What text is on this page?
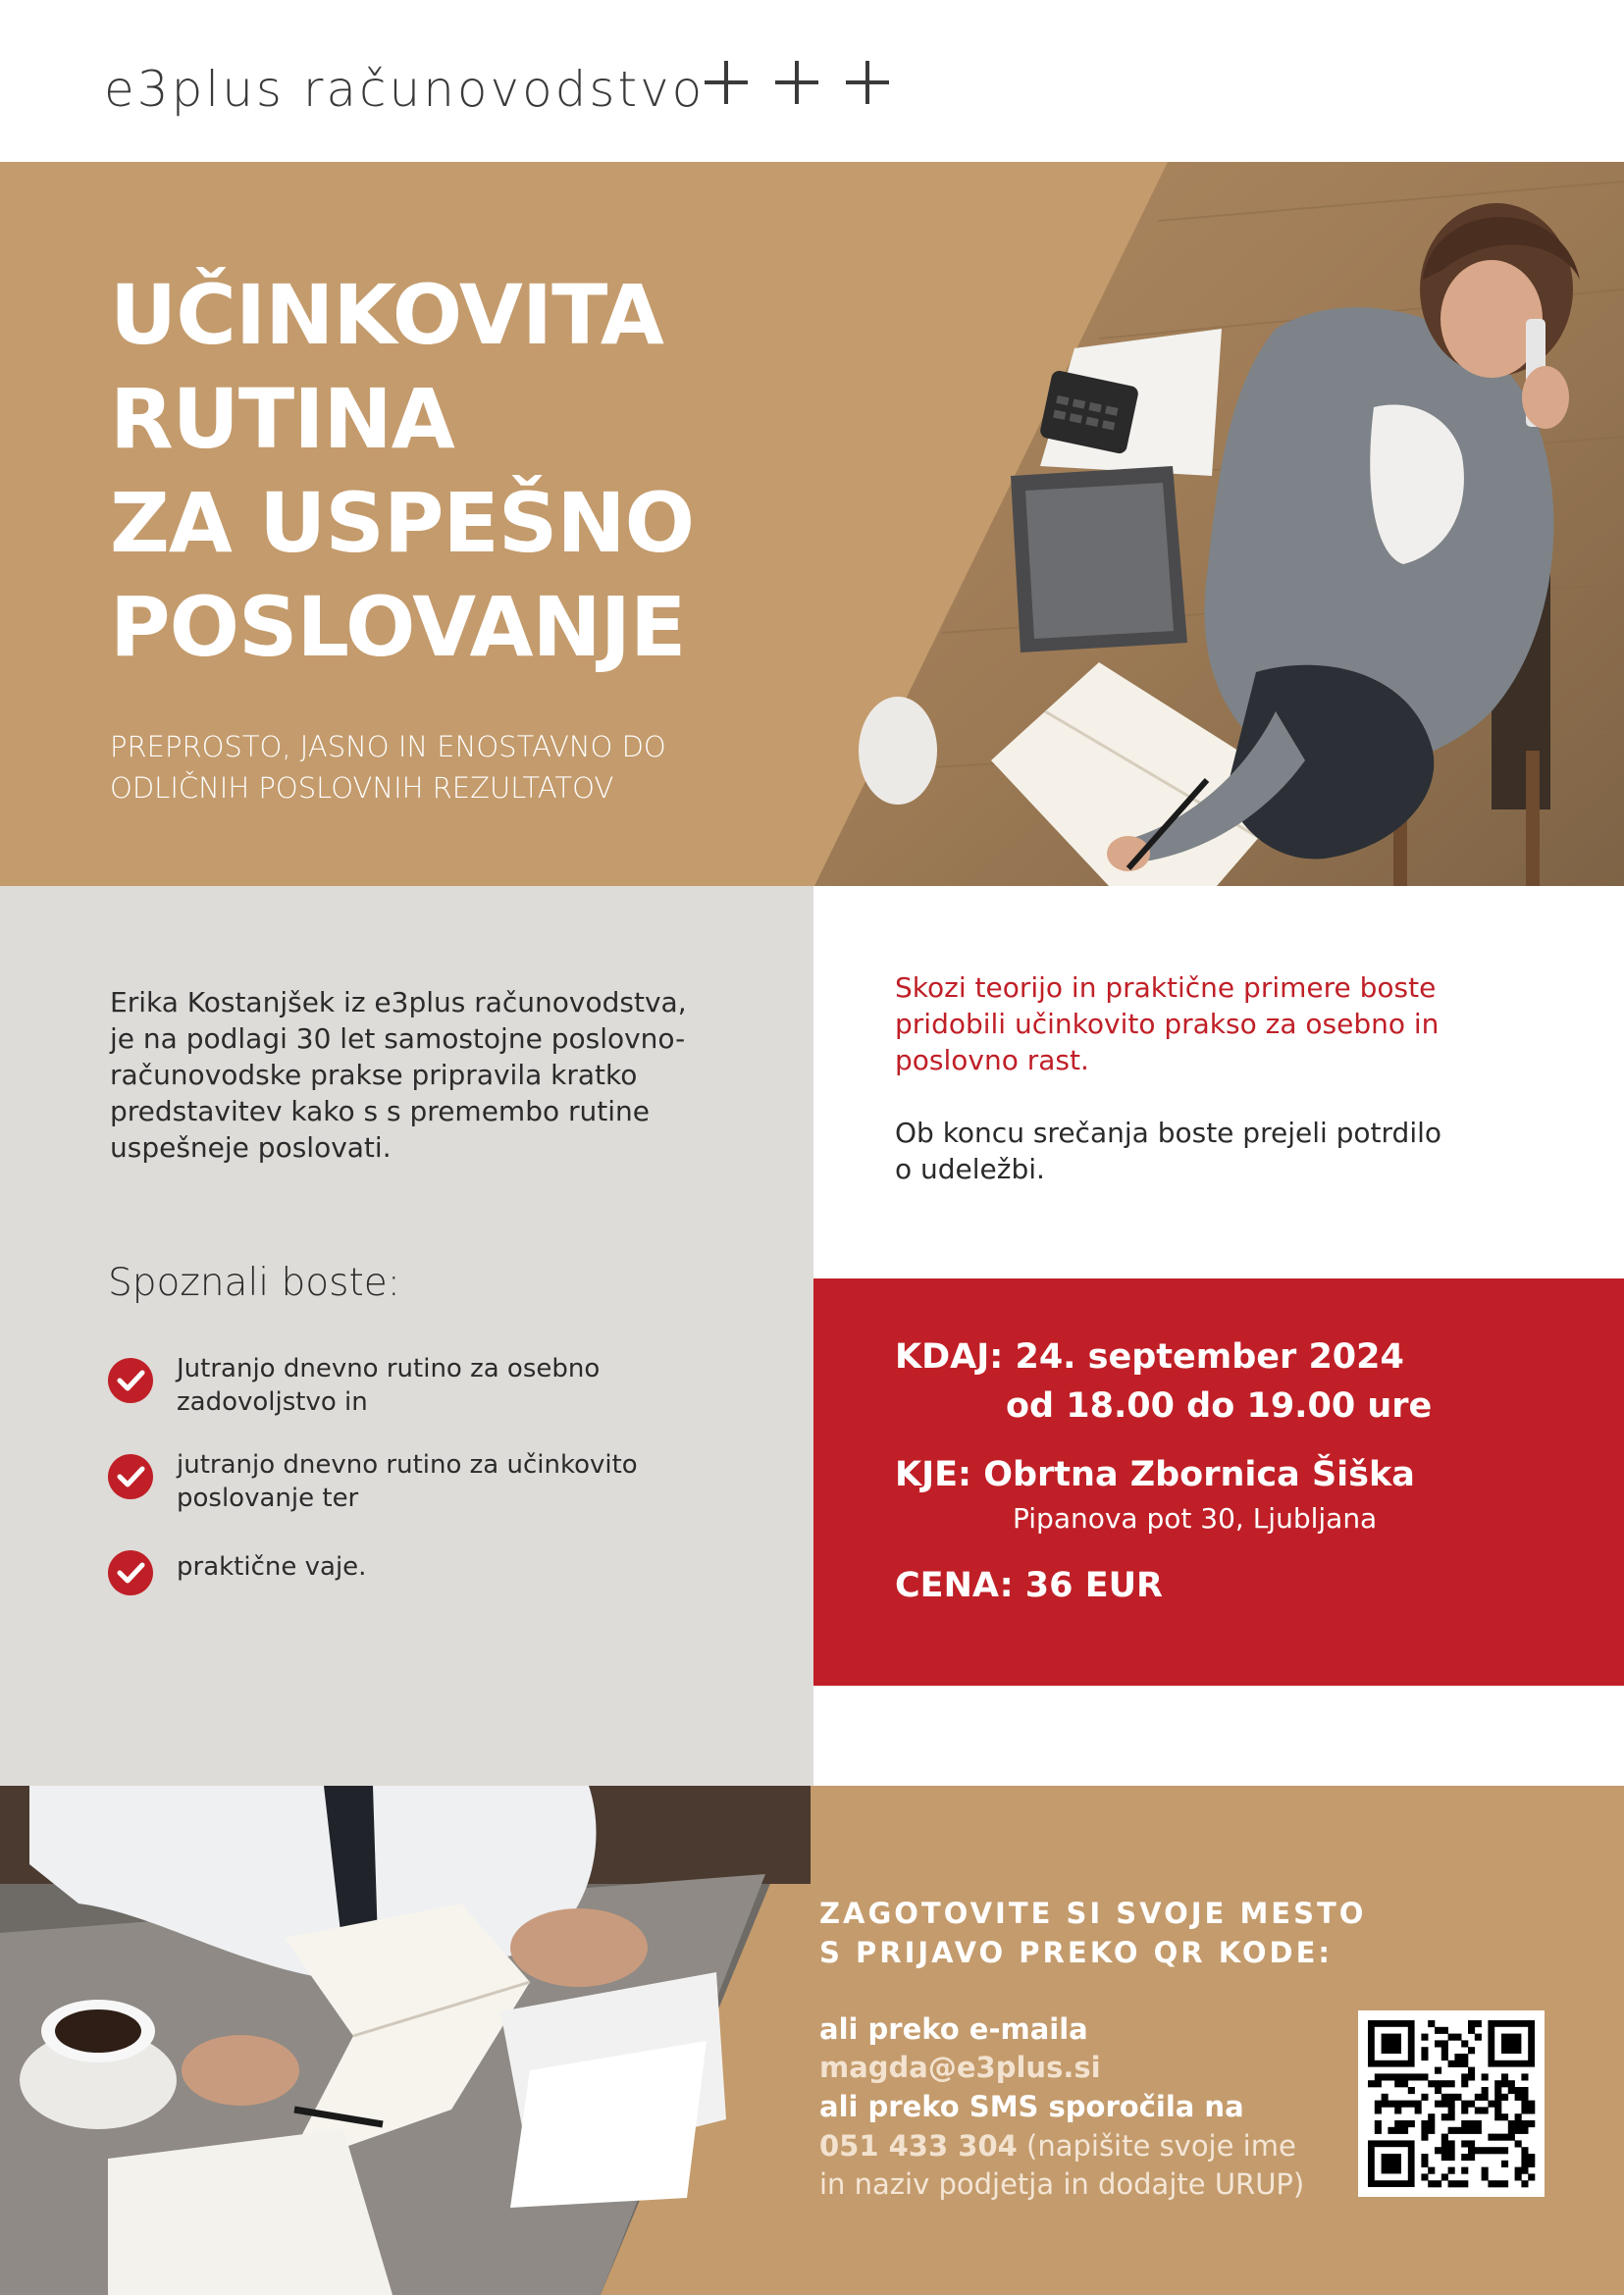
e3plus računovodstvo
UČINKOVITA
RUTINA
ZA USPEŠNO
POSLOVANJE
PREPROSTO, JASNO IN ENOSTAVNO DO
ODLIČNIH POSLOVNIH REZULTATOV
Erika Kostanjšek iz e3plus računovodstva,
je na podlagi 30 let samostojne poslovno-
računovodske prakse pripravila kratko
predstavitev kako s s premembo rutine
uspešneje poslovati.
Spoznali boste:
Jutranjo dnevno rutino za osebno
zadovoljstvo in
jutranjo dnevno rutino za učinkovito
poslovanje ter
praktične vaje.
Skozi teorijo in praktične primere boste
pridobili učinkovito prakso za osebno in
poslovno rast.
Ob koncu srečanja boste prejeli potrdilo
o udeležbi.
KDAJ: 24. september 2024
od 18.00 do 19.00 ure
KJE: Obrtna Zbornica Šiška
Pipanova pot 30, Ljubljana
CENA: 36 EUR
ZAGOTOVITE SI SVOJE MESTO
S PRIJAVO PREKO QR KODE:
ali preko e-maila
magda@e3plus.si
ali preko SMS sporočila na
051 433 304 (napišite svoje ime
in naziv podjetja in dodajte URUP)
